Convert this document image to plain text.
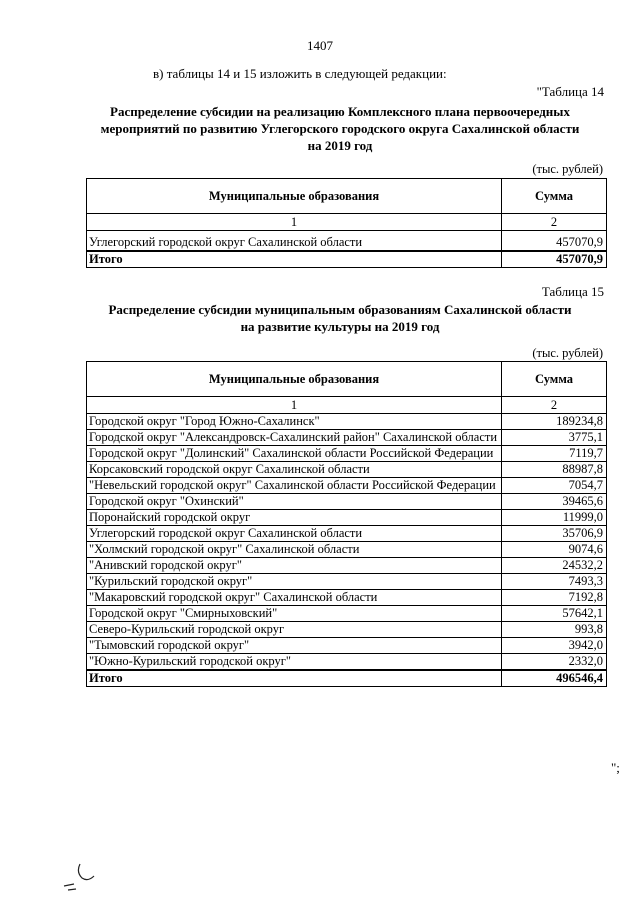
1407
в) таблицы 14 и 15 изложить в следующей редакции:
"Таблица 14
Распределение субсидии на реализацию Комплексного плана первоочередных
мероприятий по развитию Углегорского городского округа Сахалинской области
на 2019 год
(тыс. рублей)
Муниципальные образования	Сумма
1	2
Углегорский городской округ Сахалинской области	457070,9
Итого	457070,9
Таблица 15
Распределение субсидии муниципальным образованиям Сахалинской области
на развитие культуры на 2019 год
(тыс. рублей)
Муниципальные образования	Сумма
1	2
Городской округ "Город Южно-Сахалинск"	189234,8
Городской округ "Александровск-Сахалинский район" Сахалинской области	3775,1
Городской округ "Долинский" Сахалинской области Российской Федерации	7119,7
Корсаковский городской округ Сахалинской области	88987,8
"Невельский городской округ" Сахалинской области Российской Федерации	7054,7
Городской округ "Охинский"	39465,6
Поронайский городской округ	11999,0
Углегорский городской округ Сахалинской области	35706,9
"Холмский городской округ" Сахалинской области	9074,6
"Анивский городской округ"	24532,2
"Курильский городской округ"	7493,3
"Макаровский городской округ" Сахалинской области	7192,8
Городской округ "Смирныховский"	57642,1
Северо-Курильский городской округ	993,8
"Тымовский городской округ"	3942,0
"Южно-Курильский городской округ"	2332,0
Итого	496546,4
";
